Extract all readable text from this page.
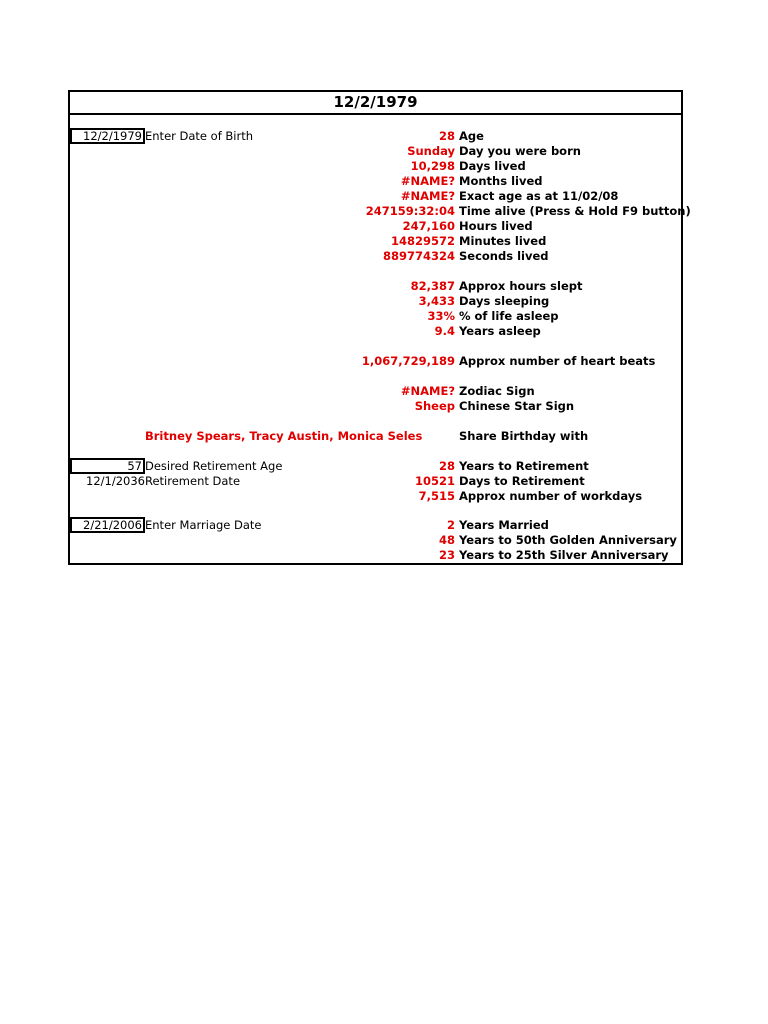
12/2/1979
12/2/1979 Enter Date of Birth	28 Age
Sunday Day you were born
10,298 Days lived
#NAME? Months lived
#NAME? Exact age as at 11/02/08
247159:32:04 Time alive (Press & Hold F9 button)
247,160 Hours lived
14829572 Minutes lived
889774324 Seconds lived
82,387 Approx hours slept
3,433 Days sleeping
33% % of life asleep
9.4 Years asleep
1,067,729,189 Approx number of heart beats
#NAME? Zodiac Sign
Sheep Chinese Star Sign
Britney Spears, Tracy Austin, Monica Seles	Share Birthday with
57 Desired Retirement Age	28 Years to Retirement
12/1/2036 Retirement Date	10521 Days to Retirement
7,515 Approx number of workdays
2/21/2006 Enter Marriage Date	2 Years Married
48 Years to 50th Golden Anniversary
23 Years to 25th Silver Anniversary
